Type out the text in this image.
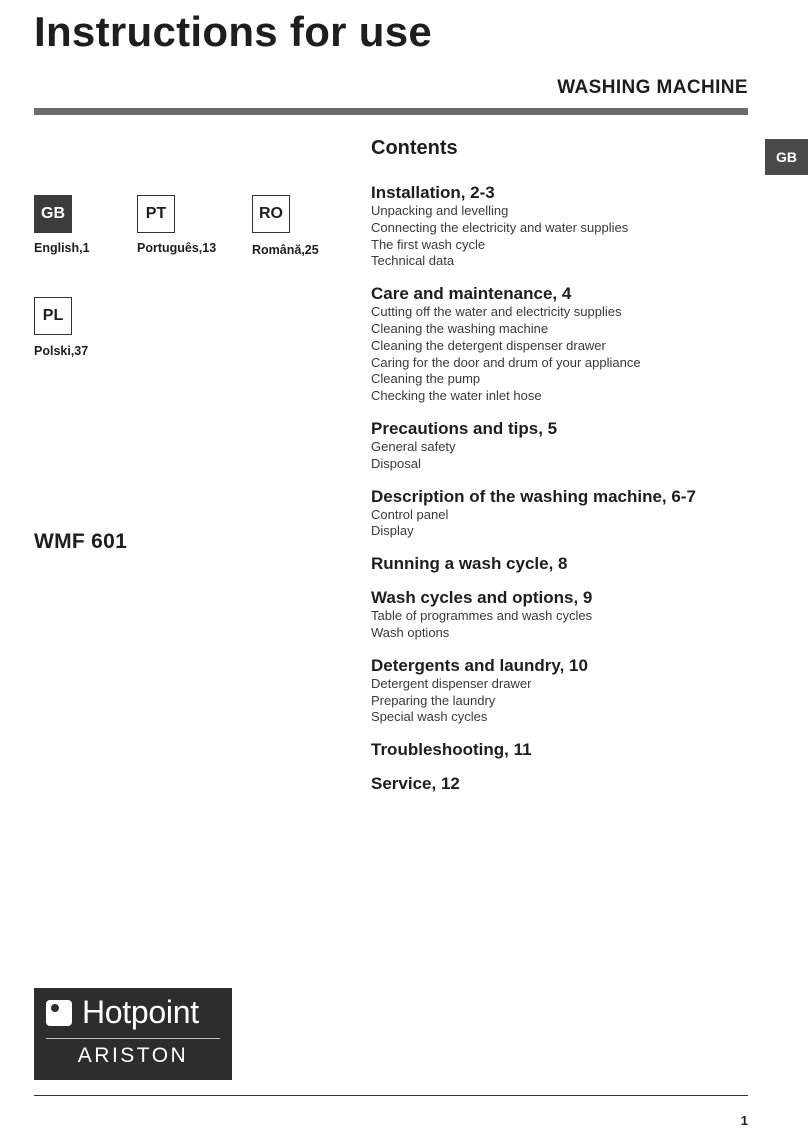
Instructions for use
WASHING MACHINE
GB
GB
English,1
PT
Português,13
RO
Română,25
PL
Polski,37
WMF 601
Contents
Installation, 2-3
Unpacking and levelling
Connecting the electricity and water supplies
The first wash cycle
Technical data
Care and maintenance, 4
Cutting off the water and electricity supplies
Cleaning the washing machine
Cleaning the detergent dispenser drawer
Caring for the door and drum of your appliance
Cleaning the pump
Checking the water inlet hose
Precautions and tips, 5
General safety
Disposal
Description of the washing machine, 6-7
Control panel
Display
Running a wash cycle, 8
Wash cycles and options, 9
Table of programmes and wash cycles
Wash options
Detergents and laundry, 10
Detergent dispenser drawer
Preparing the laundry
Special wash cycles
Troubleshooting, 11
Service, 12
Hotpoint
ARISTON
1
